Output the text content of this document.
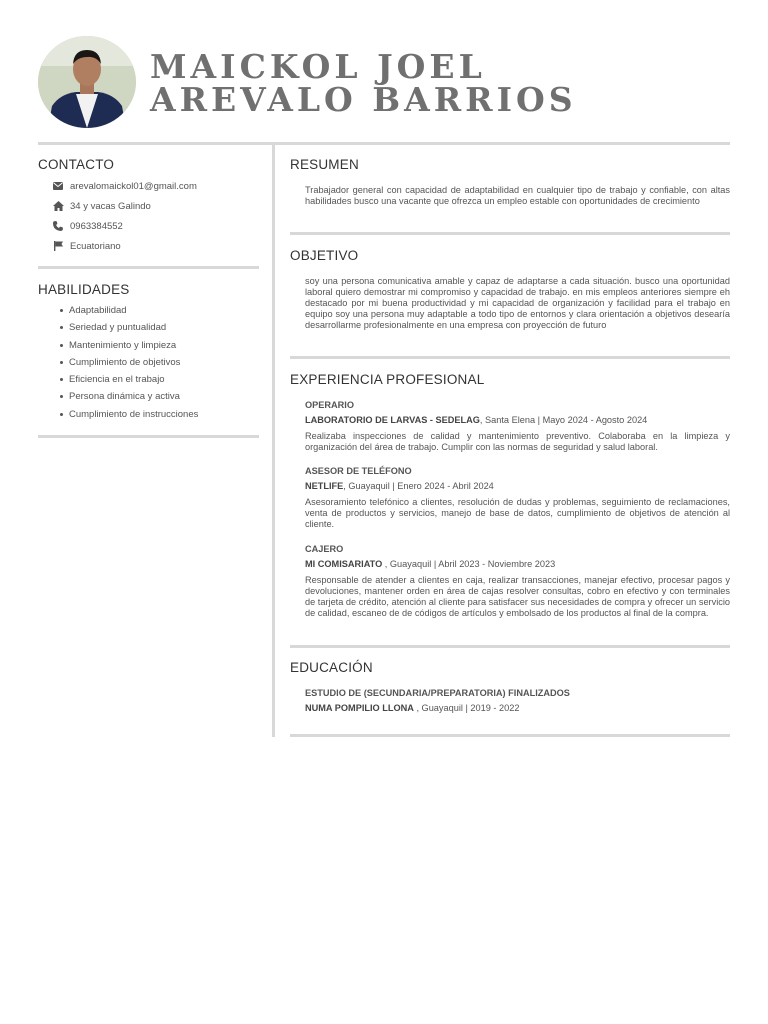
MAICKOL JOEL
AREVALO BARRIOS
CONTACTO
arevalomaickol01@gmail.com
34 y vacas Galindo
0963384552
Ecuatoriano
HABILIDADES
Adaptabilidad
Seriedad y puntualidad
Mantenimiento y limpieza
Cumplimiento de objetivos
Eficiencia en el trabajo
Persona dinámica y activa
Cumplimiento de instrucciones
RESUMEN
Trabajador general con capacidad de adaptabilidad en cualquier tipo de trabajo y confiable, con altas habilidades busco una vacante que ofrezca un empleo estable con oportunidades de crecimiento
OBJETIVO
soy una persona comunicativa amable y capaz de adaptarse a cada situación. busco una oportunidad laboral quiero demostrar mi compromiso y capacidad de trabajo. en mis empleos anteriores siempre eh destacado por mi buena productividad y mi capacidad de organización y facilidad para el trabajo en equipo soy una persona muy adaptable a todo tipo de entornos y clara orientación a objetivos desearía desarrollarme profesionalmente en una empresa con proyección de futuro
EXPERIENCIA PROFESIONAL
OPERARIO
LABORATORIO DE LARVAS - SEDELAG, Santa Elena | Mayo 2024 - Agosto 2024
Realizaba inspecciones de calidad y mantenimiento preventivo. Colaboraba en la limpieza y organización del área de trabajo. Cumplir con las normas de seguridad y salud laboral.
ASESOR DE TELÉFONO
NETLIFE, Guayaquil | Enero 2024 - Abril 2024
Asesoramiento telefónico a clientes, resolución de dudas y problemas, seguimiento de reclamaciones, venta de productos y servicios, manejo de base de datos, cumplimiento de objetivos de atención al cliente.
CAJERO
MI COMISARIATO , Guayaquil | Abril 2023 - Noviembre 2023
Responsable de atender a clientes en caja, realizar transacciones, manejar efectivo, procesar pagos y devoluciones, mantener orden en área de cajas resolver consultas, cobro en efectivo y con terminales de tarjeta de crédito, atención al cliente para satisfacer sus necesidades de compra y ofrecer un servicio de calidad, escaneo de de códigos de artículos y embolsado de los productos al final de la compra.
EDUCACIÓN
ESTUDIO DE (SECUNDARIA/PREPARATORIA) FINALIZADOS
NUMA POMPILIO LLONA , Guayaquil | 2019 - 2022
